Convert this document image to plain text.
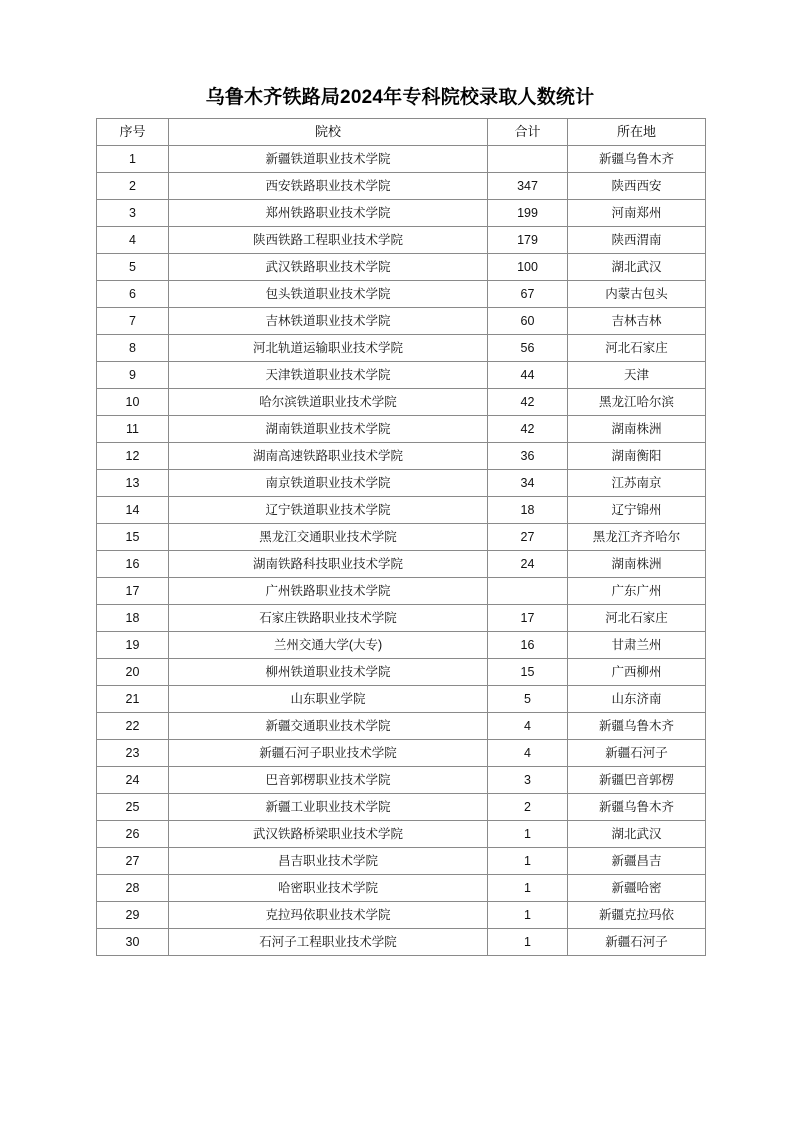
乌鲁木齐铁路局2024年专科院校录取人数统计
序号	院校	合计	所在地
1	新疆铁道职业技术学院		新疆乌鲁木齐
2	西安铁路职业技术学院	347	陕西西安
3	郑州铁路职业技术学院	199	河南郑州
4	陕西铁路工程职业技术学院	179	陕西渭南
5	武汉铁路职业技术学院	100	湖北武汉
6	包头铁道职业技术学院	67	内蒙古包头
7	吉林铁道职业技术学院	60	吉林吉林
8	河北轨道运输职业技术学院	56	河北石家庄
9	天津铁道职业技术学院	44	天津
10	哈尔滨铁道职业技术学院	42	黑龙江哈尔滨
11	湖南铁道职业技术学院	42	湖南株洲
12	湖南高速铁路职业技术学院	36	湖南衡阳
13	南京铁道职业技术学院	34	江苏南京
14	辽宁铁道职业技术学院	18	辽宁锦州
15	黑龙江交通职业技术学院	27	黑龙江齐齐哈尔
16	湖南铁路科技职业技术学院	24	湖南株洲
17	广州铁路职业技术学院		广东广州
18	石家庄铁路职业技术学院	17	河北石家庄
19	兰州交通大学(大专)	16	甘肃兰州
20	柳州铁道职业技术学院	15	广西柳州
21	山东职业学院	5	山东济南
22	新疆交通职业技术学院	4	新疆乌鲁木齐
23	新疆石河子职业技术学院	4	新疆石河子
24	巴音郭楞职业技术学院	3	新疆巴音郭楞
25	新疆工业职业技术学院	2	新疆乌鲁木齐
26	武汉铁路桥梁职业技术学院	1	湖北武汉
27	昌吉职业技术学院	1	新疆昌吉
28	哈密职业技术学院	1	新疆哈密
29	克拉玛依职业技术学院	1	新疆克拉玛依
30	石河子工程职业技术学院	1	新疆石河子
